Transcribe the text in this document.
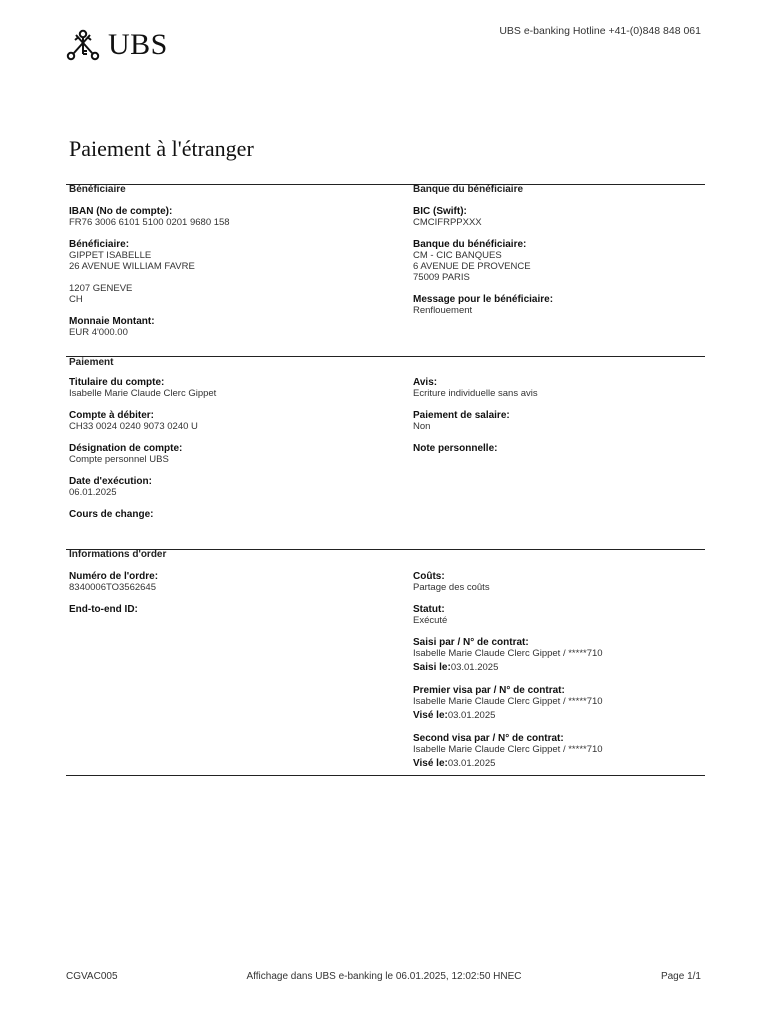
UBS	UBS e-banking Hotline +41-(0)848 848 061
Paiement à l'étranger
Bénéficiaire	Banque du bénéficiaire
IBAN (No de compte):
FR76 3006 6101 5100 0201 9680 158
Bénéficiaire:
GIPPET ISABELLE
26 AVENUE WILLIAM FAVRE
1207 GENEVE
CH
Monnaie Montant:
EUR 4'000.00
BIC (Swift):
CMCIFRPPXXX
Banque du bénéficiaire:
CM - CIC BANQUES
6 AVENUE DE PROVENCE
75009 PARIS
Message pour le bénéficiaire:
Renflouement
Paiement
Titulaire du compte:
Isabelle Marie Claude Clerc Gippet
Compte à débiter:
CH33 0024 0240 9073 0240 U
Désignation de compte:
Compte personnel UBS
Date d'exécution:
06.01.2025
Cours de change:
Avis:
Ecriture individuelle sans avis
Paiement de salaire:
Non
Note personnelle:
Informations d'order
Numéro de l'ordre:
8340006TO3562645
End-to-end ID:
Coûts:
Partage des coûts
Statut:
Exécuté
Saisi par / N° de contrat:
Isabelle Marie Claude Clerc Gippet / *****710
Saisi le:03.01.2025
Premier visa par / N° de contrat:
Isabelle Marie Claude Clerc Gippet / *****710
Visé le:03.01.2025
Second visa par / N° de contrat:
Isabelle Marie Claude Clerc Gippet / *****710
Visé le:03.01.2025
CGVAC005	Affichage dans UBS e-banking le 06.01.2025, 12:02:50 HNEC	Page 1/1
